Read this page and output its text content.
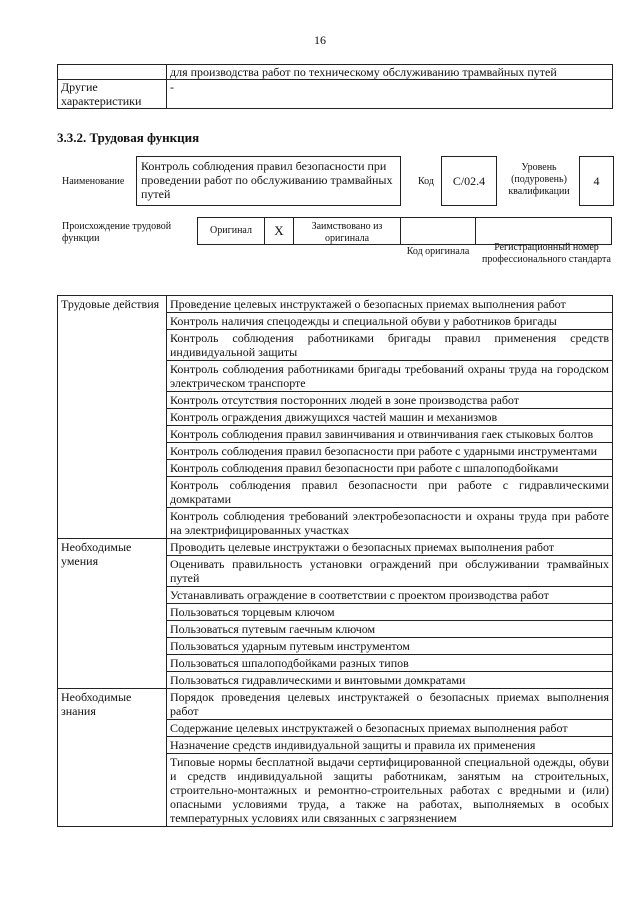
16
	для производства работ по техническому обслуживанию трамвайных путей
Другие характеристики	-
3.3.2. Трудовая функция
Наименование
Контроль соблюдения правил безопасности при проведении работ по обслуживанию трамвайных путей
Код	C/02.4
Уровень (подуровень) квалификации
4
Происхождение трудовой функции
Оригинал	X	Заимствовано из оригинала
Код оригинала	Регистрационный номер профессионального стандарта
Трудовые действия	Проведение целевых инструктажей о безопасных приемах выполнения работ
	Контроль наличия спецодежды и специальной обуви у работников бригады
	Контроль соблюдения работниками бригады правил применения средств индивидуальной защиты
	Контроль соблюдения работниками бригады требований охраны труда на городском электрическом транспорте
	Контроль отсутствия посторонних людей в зоне производства работ
	Контроль ограждения движущихся частей машин и механизмов
	Контроль соблюдения правил завинчивания и отвинчивания гаек стыковых болтов
	Контроль соблюдения правил безопасности при работе с ударными инструментами
	Контроль соблюдения правил безопасности при работе с шпалоподбойками
	Контроль соблюдения правил безопасности при работе с гидравлическими домкратами
	Контроль соблюдения требований электробезопасности и охраны труда при работе на электрифицированных участках
Необходимые умения	Проводить целевые инструктажи о безопасных приемах выполнения работ
	Оценивать правильность установки ограждений при обслуживании трамвайных путей
	Устанавливать ограждение в соответствии с проектом производства работ
	Пользоваться торцевым ключом
	Пользоваться путевым гаечным ключом
	Пользоваться ударным путевым инструментом
	Пользоваться шпалоподбойками разных типов
	Пользоваться гидравлическими и винтовыми домкратами
Необходимые знания	Порядок проведения целевых инструктажей о безопасных приемах выполнения работ
	Содержание целевых инструктажей о безопасных приемах выполнения работ
	Назначение средств индивидуальной защиты и правила их применения
	Типовые нормы бесплатной выдачи сертифицированной специальной одежды, обуви и средств индивидуальной защиты работникам, занятым на строительных, строительно-монтажных и ремонтно-строительных работах с вредными и (или) опасными условиями труда, а также на работах, выполняемых в особых температурных условиях или связанных с загрязнением
